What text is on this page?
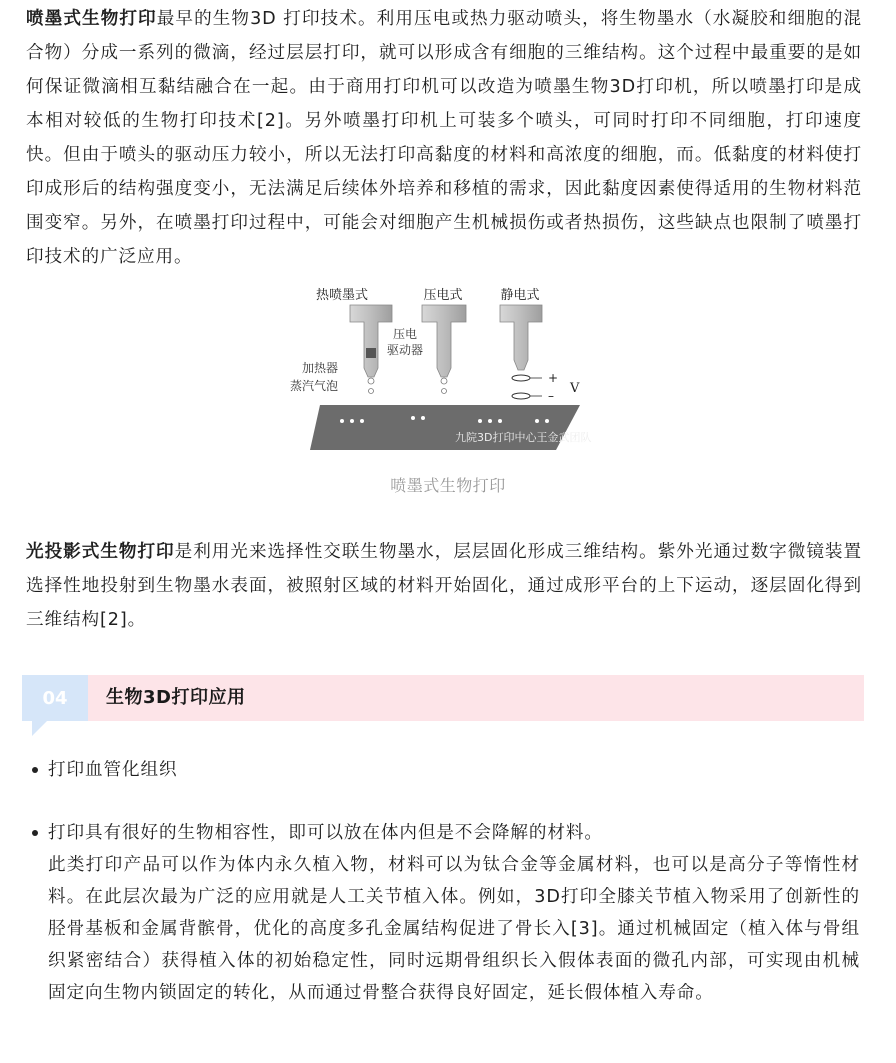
喷墨式生物打印最早的生物3D 打印技术。利用压电或热力驱动喷头，将生物墨水（水凝胶和细胞的混合物）分成一系列的微滴，经过层层打印，就可以形成含有细胞的三维结构。这个过程中最重要的是如何保证微滴相互黏结融合在一起。由于商用打印机可以改造为喷墨生物3D打印机，所以喷墨打印是成本相对较低的生物打印技术[2]。另外喷墨打印机上可装多个喷头，可同时打印不同细胞，打印速度快。但由于喷头的驱动压力较小，所以无法打印高黏度的材料和高浓度的细胞，而。低黏度的材料使打印成形后的结构强度变小，无法满足后续体外培养和移植的需求，因此黏度因素使得适用的生物材料范围变窄。另外，在喷墨打印过程中，可能会对细胞产生机械损伤或者热损伤，这些缺点也限制了喷墨打印技术的广泛应用。

热喷墨式	压电式	静电式
+
– V
压电
驱动器
加热器
蒸汽气泡
九院3D打印中心王金武团队
喷墨式生物打印

光投影式生物打印是利用光来选择性交联生物墨水，层层固化形成三维结构。紫外光通过数字微镜装置选择性地投射到生物墨水表面，被照射区域的材料开始固化，通过成形平台的上下运动，逐层固化得到三维结构[2]。

04	生物3D打印应用

打印血管化组织

打印具有很好的生物相容性，即可以放在体内但是不会降解的材料。
此类打印产品可以作为体内永久植入物，材料可以为钛合金等金属材料，也可以是高分子等惰性材料。在此层次最为广泛的应用就是人工关节植入体。例如，3D打印全膝关节植入物采用了创新性的胫骨基板和金属背髌骨，优化的高度多孔金属结构促进了骨长入[3]。通过机械固定（植入体与骨组织紧密结合）获得植入体的初始稳定性，同时远期骨组织长入假体表面的微孔内部，可实现由机械固定向生物内锁固定的转化，从而通过骨整合获得良好固定，延长假体植入寿命。
